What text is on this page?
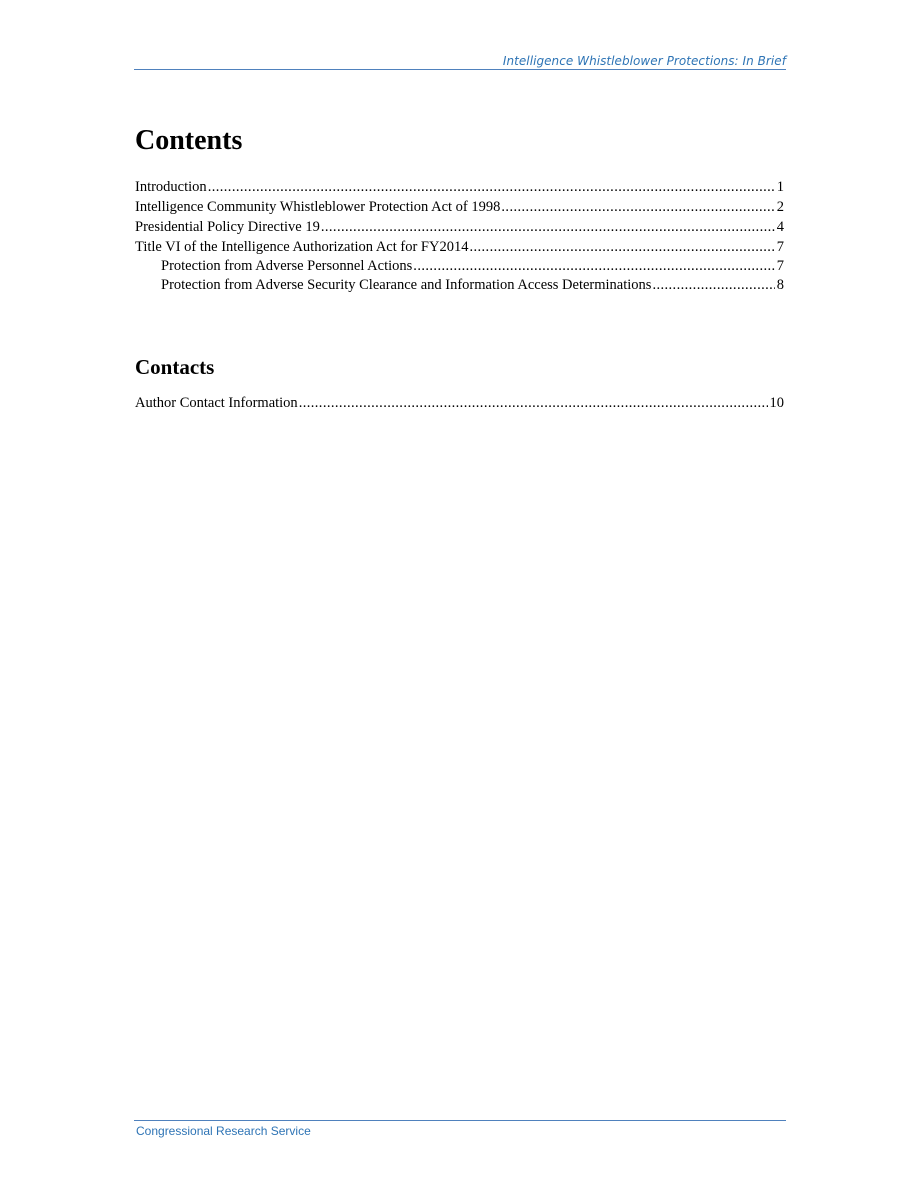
Intelligence Whistleblower Protections: In Brief
Contents
Introduction .....	1
Intelligence Community Whistleblower Protection Act of 1998 .....	2
Presidential Policy Directive 19 .....	4
Title VI of the Intelligence Authorization Act for FY2014 .....	7
Protection from Adverse Personnel Actions .....	7
Protection from Adverse Security Clearance and Information Access Determinations .....	8
Contacts
Author Contact Information .....	10
Congressional Research Service
